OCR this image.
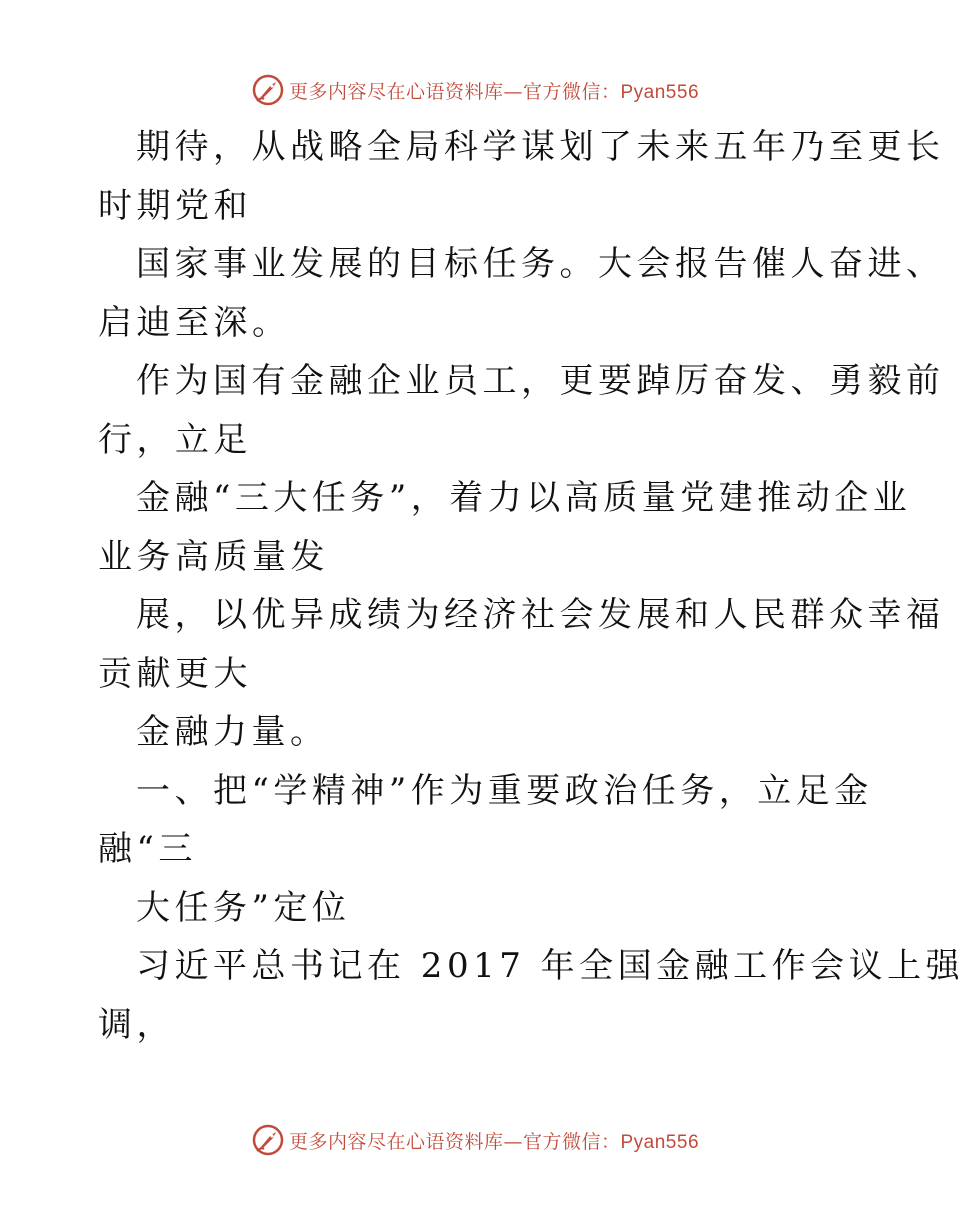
更多内容尽在心语资料库—官方微信：Pyan556
期待，从战略全局科学谋划了未来五年乃至更长
时期党和
国家事业发展的目标任务。大会报告催人奋进、
启迪至深。
作为国有金融企业员工，更要踔厉奋发、勇毅前
行，立足
金融“三大任务”，着力以高质量党建推动企业
业务高质量发
展，以优异成绩为经济社会发展和人民群众幸福
贡献更大
金融力量。
一、把“学精神”作为重要政治任务，立足金
融“三
大任务”定位
习近平总书记在 2017 年全国金融工作会议上强
调，
更多内容尽在心语资料库—官方微信：Pyan556
